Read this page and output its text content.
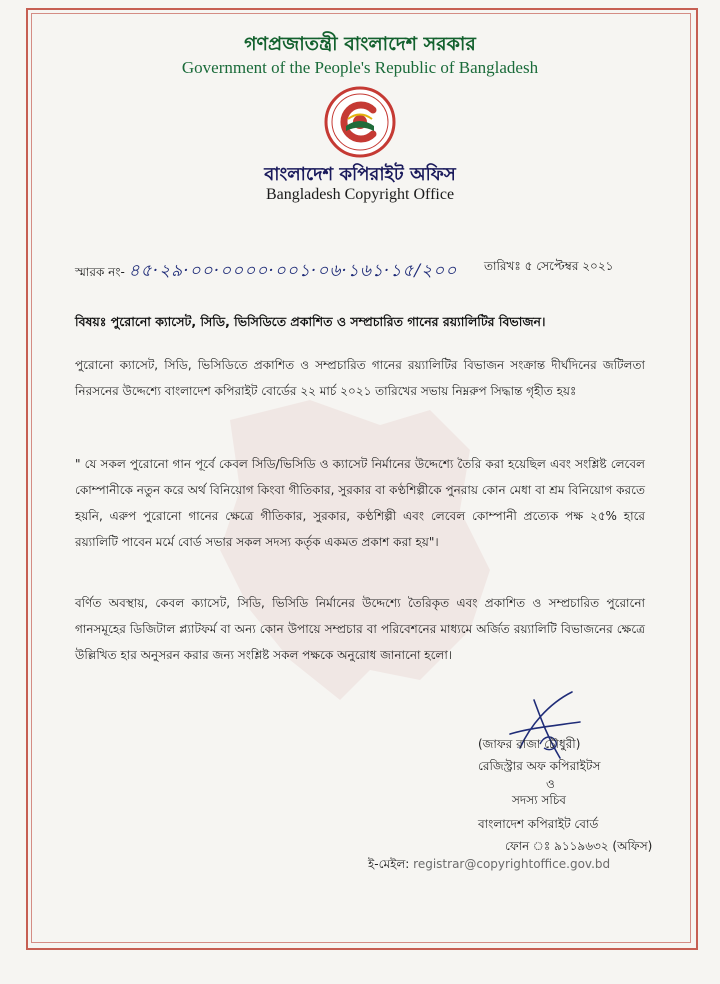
গণপ্রজাতন্ত্রী বাংলাদেশ সরকার
Government of the People's Republic of Bangladesh
বাংলাদেশ কপিরাইট অফিস
Bangladesh Copyright Office
স্মারক নং- ৪৫·২৯·০০·০০০০·০০১·০৬·১৬১·১৫/২০০	তারিখঃ ৫ সেপ্টেম্বর ২০২১
বিষয়ঃ পুরোনো ক্যাসেট, সিডি, ভিসিডিতে প্রকাশিত ও সম্প্রচারিত গানের রয়্যালিটির বিভাজন।
পুরোনো ক্যাসেট, সিডি, ভিসিডিতে প্রকাশিত ও সম্প্রচারিত গানের রয়্যালিটির বিভাজন সংক্রান্ত দীর্ঘদিনের জটিলতা নিরসনের উদ্দেশ্যে বাংলাদেশ কপিরাইট বোর্ডের ২২ মার্চ ২০২১ তারিখের সভায় নিম্নরুপ সিদ্ধান্ত গৃহীত হয়ঃ
" যে সকল পুরোনো গান পূর্বে কেবল সিডি/ভিসিডি ও ক্যাসেট নির্মানের উদ্দেশ্যে তৈরি করা হয়েছিল এবং সংশ্লিষ্ট লেবেল কোম্পানীকে নতুন করে অর্থ বিনিয়োগ কিংবা গীতিকার, সুরকার বা কণ্ঠশিল্পীকে পুনরায় কোন মেধা বা শ্রম বিনিয়োগ করতে হয়নি, এরুপ পুরোনো গানের ক্ষেত্রে গীতিকার, সুরকার, কণ্ঠশিল্পী এবং লেবেল কোম্পানী প্রত্যেক পক্ষ ২৫% হারে রয়্যালিটি পাবেন মর্মে বোর্ড সভার সকল সদস্য কর্তৃক একমত প্রকাশ করা হয়"।
বর্ণিত অবস্থায়, কেবল ক্যাসেট, সিডি, ভিসিডি নির্মানের উদ্দেশ্যে তৈরিকৃত এবং প্রকাশিত ও সম্প্রচারিত পুরোনো গানসমূহের ডিজিটাল প্ল্যাটফর্ম বা অন্য কোন উপায়ে সম্প্রচার বা পরিবেশনের মাধ্যমে অর্জিত রয়্যালিটি বিভাজনের ক্ষেত্রে উল্লিখিত হার অনুসরন করার জন্য সংশ্লিষ্ট সকল পক্ষকে অনুরোধ জানানো হলো।
(জাফর রাজা চৌধুরী)
রেজিস্ট্রার অফ কপিরাইটস
ও
সদস্য সচিব
বাংলাদেশ কপিরাইট বোর্ড
ফোন ঃ ৯১১৯৬৩২ (অফিস)
ই-মেইল: registrar@copyrightoffice.gov.bd
